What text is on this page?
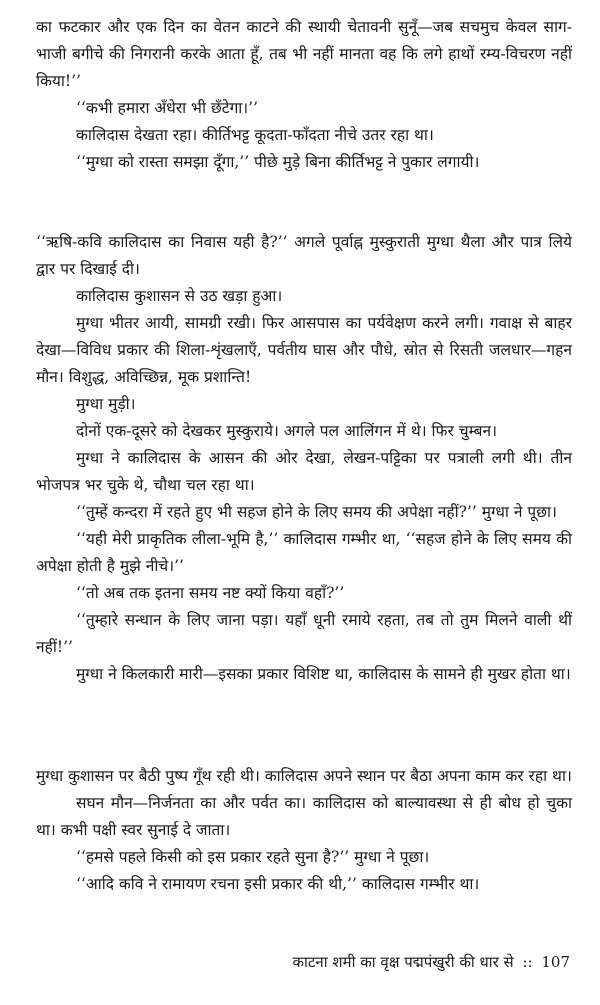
का फटकार और एक दिन का वेतन काटने की स्थायी चेतावनी सुनूँ—जब सचमुच केवल साग-भाजी बगीचे की निगरानी करके आता हूँ, तब भी नहीं मानता वह कि लगे हाथों रम्य-विचरण नहीं किया!’’

‘‘कभी हमारा अँधेरा भी छँटेगा।’’

कालिदास देखता रहा। कीर्तिभट्ट कूदता-फाँदता नीचे उतर रहा था।

‘‘मुग्धा को रास्ता समझा दूँगा,’’ पीछे मुड़े बिना कीर्तिभट्ट ने पुकार लगायी।

‘‘ऋषि-कवि कालिदास का निवास यही है?’’ अगले पूर्वाह्न मुस्कुराती मुग्धा थैला और पात्र लिये द्वार पर दिखाई दी।

कालिदास कुशासन से उठ खड़ा हुआ।

मुग्धा भीतर आयी, सामग्री रखी। फिर आसपास का पर्यवेक्षण करने लगी। गवाक्ष से बाहर देखा—विविध प्रकार की शिला-शृंखलाएँ, पर्वतीय घास और पौधे, स्रोत से रिसती जलधार—गहन मौन। विशुद्ध, अविच्छिन्न, मूक प्रशान्ति!

मुग्धा मुड़ी।

दोनों एक-दूसरे को देखकर मुस्कुराये। अगले पल आलिंगन में थे। फिर चुम्बन।

मुग्धा ने कालिदास के आसन की ओर देखा, लेखन-पट्टिका पर पत्राली लगी थी। तीन भोजपत्र भर चुके थे, चौथा चल रहा था।

‘‘तुम्हें कन्दरा में रहते हुए भी सहज होने के लिए समय की अपेक्षा नहीं?’’ मुग्धा ने पूछा।

‘‘यही मेरी प्राकृतिक लीला-भूमि है,’’ कालिदास गम्भीर था, ‘‘सहज होने के लिए समय की अपेक्षा होती है मुझे नीचे।’’

‘‘तो अब तक इतना समय नष्ट क्यों किया वहाँ?’’

‘‘तुम्हारे सन्धान के लिए जाना पड़ा। यहाँ धूनी रमाये रहता, तब तो तुम मिलने वाली थीं नहीं!’’

मुग्धा ने किलकारी मारी—इसका प्रकार विशिष्ट था, कालिदास के सामने ही मुखर होता था।

मुग्धा कुशासन पर बैठी पुष्प गूँथ रही थी। कालिदास अपने स्थान पर बैठा अपना काम कर रहा था।

सघन मौन—निर्जनता का और पर्वत का। कालिदास को बाल्यावस्था से ही बोध हो चुका था। कभी पक्षी स्वर सुनाई दे जाता।

‘‘हमसे पहले किसी को इस प्रकार रहते सुना है?’’ मुग्धा ने पूछा।

‘‘आदि कवि ने रामायण रचना इसी प्रकार की थी,’’ कालिदास गम्भीर था।

काटना शमी का वृक्ष पद्मपंखुरी की धार से :: 107
